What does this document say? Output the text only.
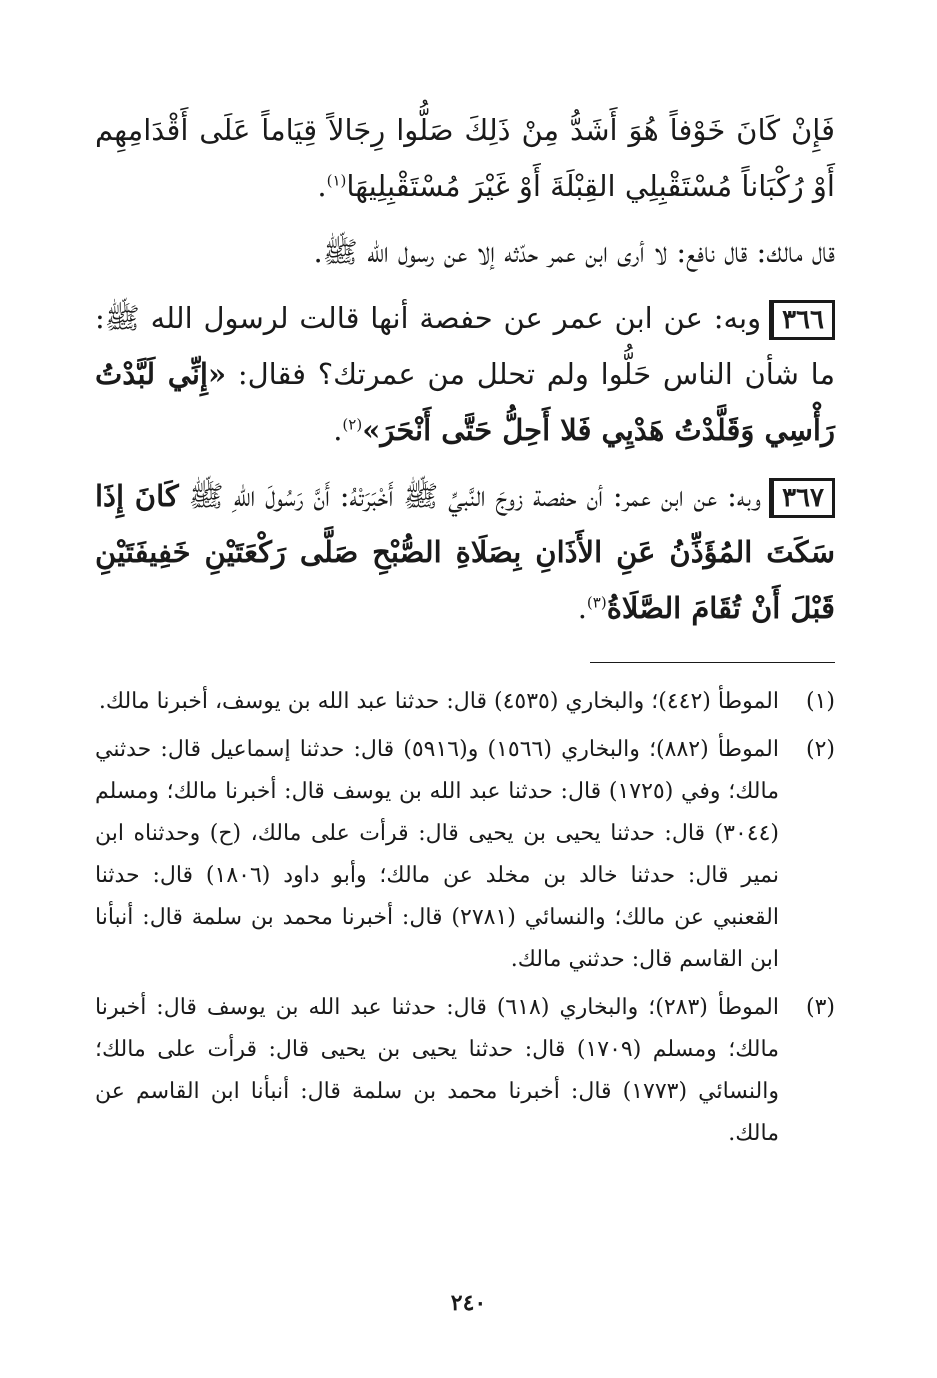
فَإِنْ كَانَ خَوْفاً هُوَ أَشَدُّ مِنْ ذَلِكَ صَلُّوا رِجَالاً قِيَاماً عَلَى أَقْدَامِهِم أَوْ رُكْبَاناً مُسْتَقْبِلِي القِبْلَةَ أَوْ غَيْرَ مُسْتَقْبِلِيهَا$^{(١)}$.

قال مالك: قال نافع: لا أرى ابن عمر حدّثه إلا عن رسول الله ﷺ.

٣٦٦وبه: عن ابن عمر عن حفصة أنها قالت لرسول الله ﷺ: ما شأن الناس حَلُّوا ولم تحلل من عمرتك؟ فقال: «إِنِّي لَبَّدْتُ رَأْسِي وَقَلَّدْتُ هَدْيِي فَلا أَحِلُّ حَتَّى أَنْحَرَ»$^{(٢)}$.

٣٦٧وبه: عن ابن عمر: أن حفصة زوجَ النَّبيِّ ﷺ أَخْبَرَتْهُ: أَنَّ رَسُولَ اللهِ ﷺ كَانَ إِذَا سَكَتَ المُؤَذِّنُ عَنِ الأَذَانِ بِصَلَاةِ الصُّبْحِ صَلَّى رَكْعَتَيْنِ خَفِيفَتَيْنِ قَبْلَ أَنْ تُقَامَ الصَّلَاةُ$^{(٣)}$.

(١)
الموطأ (٤٤٢)؛ والبخاري (٤٥٣٥) قال: حدثنا عبد الله بن يوسف، أخبرنا مالك.
(٢)
الموطأ (٨٨٢)؛ والبخاري (١٥٦٦) و(٥٩١٦) قال: حدثنا إسماعيل قال: حدثني مالك؛ وفي (١٧٢٥) قال: حدثنا عبد الله بن يوسف قال: أخبرنا مالك؛ ومسلم (٣٠٤٤) قال: حدثنا يحيى بن يحيى قال: قرأت على مالك، (ح) وحدثناه ابن نمير قال: حدثنا خالد بن مخلد عن مالك؛ وأبو داود (١٨٠٦) قال: حدثنا القعنبي عن مالك؛ والنسائي (٢٧٨١) قال: أخبرنا محمد بن سلمة قال: أنبأنا ابن القاسم قال: حدثني مالك.
(٣)
الموطأ (٢٨٣)؛ والبخاري (٦١٨) قال: حدثنا عبد الله بن يوسف قال: أخبرنا مالك؛ ومسلم (١٧٠٩) قال: حدثنا يحيى بن يحيى قال: قرأت على مالك؛ والنسائي (١٧٧٣) قال: أخبرنا محمد بن سلمة قال: أنبأنا ابن القاسم عن مالك.
٢٤٠
